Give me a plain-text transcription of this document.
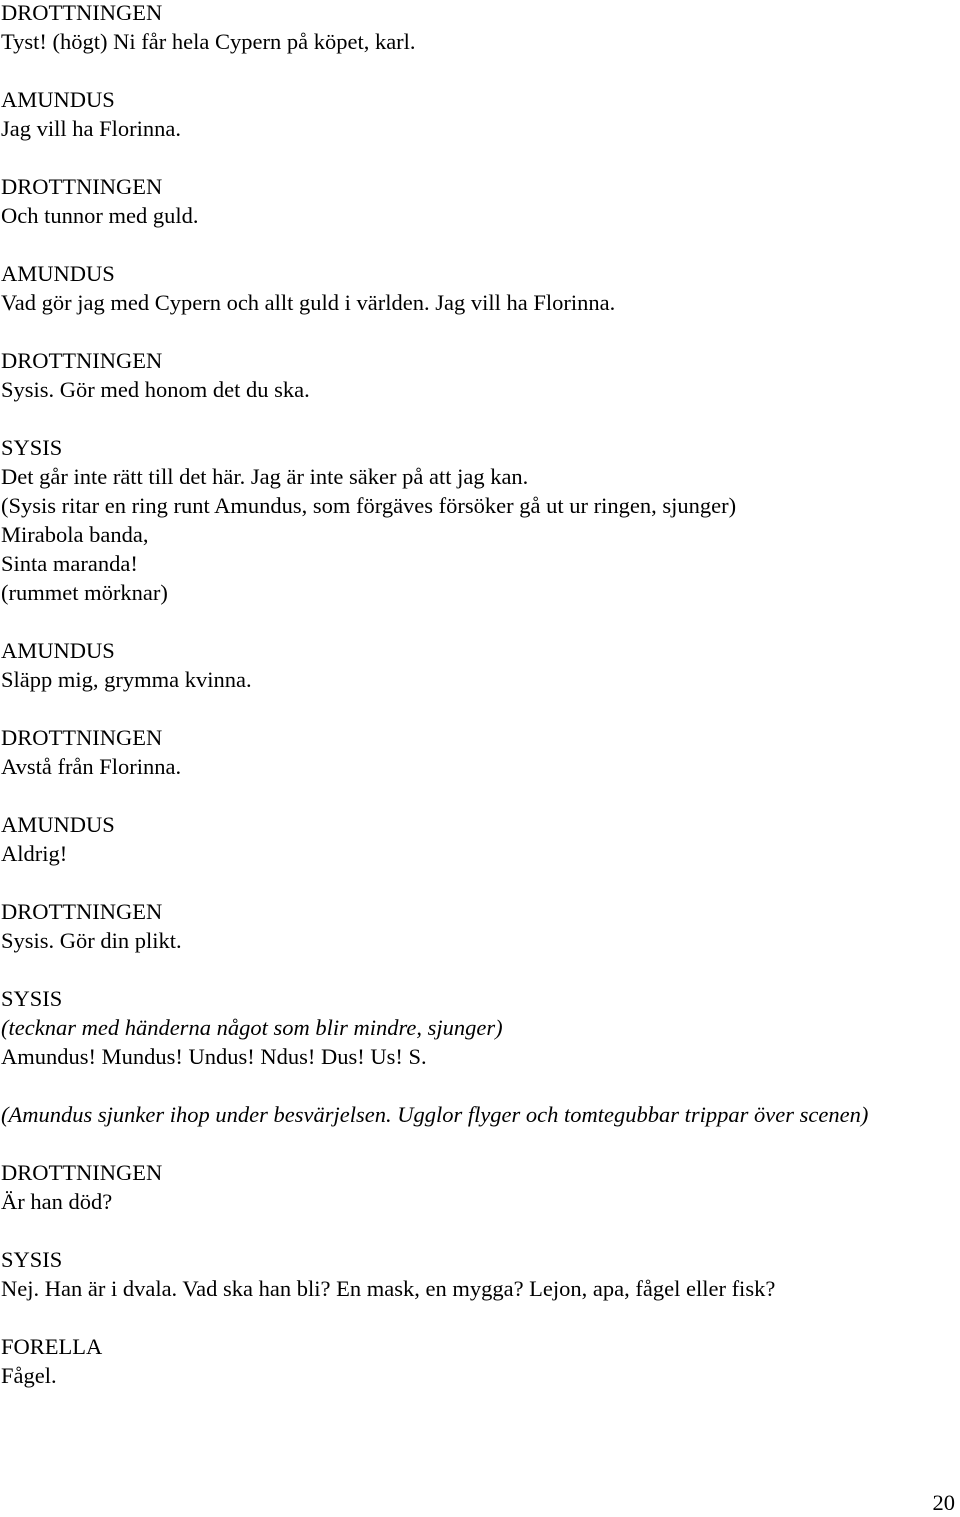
DROTTNINGEN
Tyst! (högt) Ni får hela Cypern på köpet, karl.
AMUNDUS
Jag vill ha Florinna.
DROTTNINGEN
Och tunnor med guld.
AMUNDUS
Vad gör jag med Cypern och allt guld i världen. Jag vill ha Florinna.
DROTTNINGEN
Sysis. Gör med honom det du ska.
SYSIS
Det går inte rätt till det här. Jag är inte säker på att jag kan.
(Sysis ritar en ring runt Amundus, som förgäves försöker gå ut ur ringen, sjunger)
Mirabola banda,
Sinta maranda!
(rummet mörknar)
AMUNDUS
Släpp mig, grymma kvinna.
DROTTNINGEN
Avstå från Florinna.
AMUNDUS
Aldrig!
DROTTNINGEN
Sysis. Gör din plikt.
SYSIS
(tecknar med händerna något som blir mindre, sjunger)
Amundus! Mundus! Undus! Ndus! Dus! Us! S.
(Amundus sjunker ihop under besvärjelsen. Ugglor flyger och tomtegubbar trippar över scenen)
DROTTNINGEN
Är han död?
SYSIS
Nej. Han är i dvala. Vad ska han bli? En mask, en mygga? Lejon, apa, fågel eller fisk?
FORELLA
Fågel.
20
